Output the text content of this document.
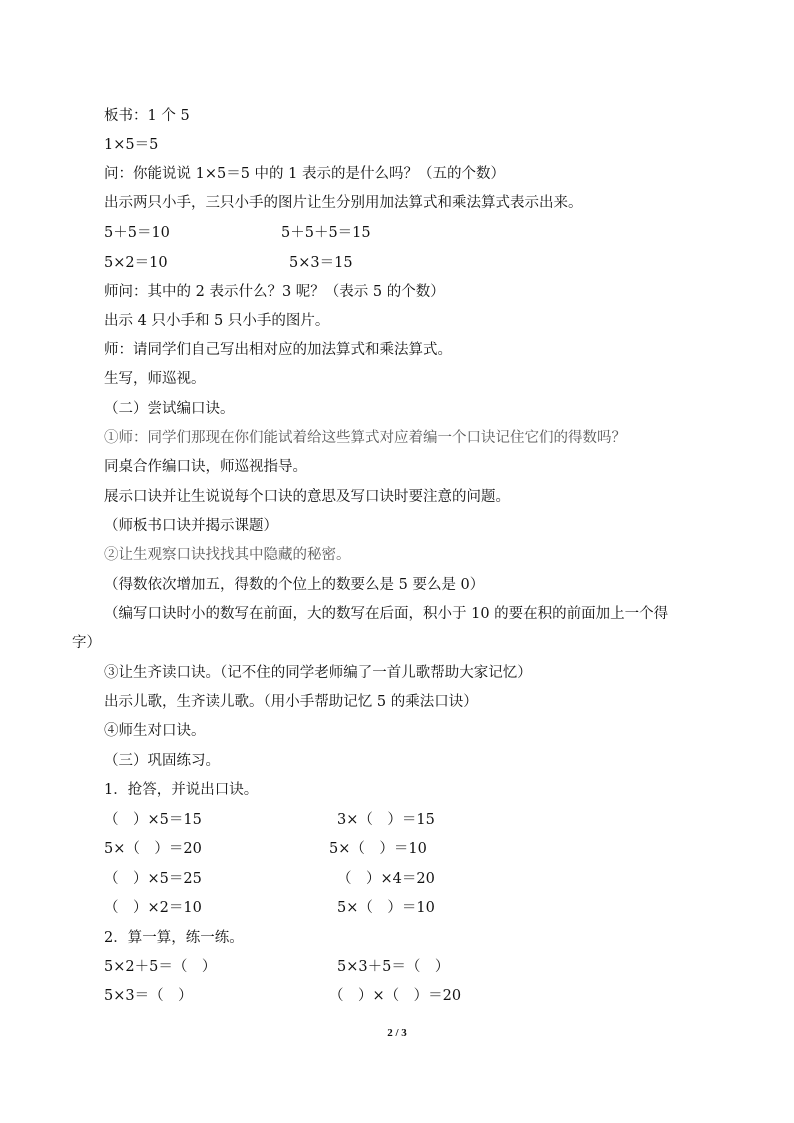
板书：1 个 5
1×5＝5
问：你能说说 1×5＝5 中的 1 表示的是什么吗？（五的个数）
出示两只小手，三只小手的图片让生分别用加法算式和乘法算式表示出来。
5＋5＝10	5＋5＋5＝15
5×2＝10	5×3＝15
师问：其中的 2 表示什么？3 呢？（表示 5 的个数）
出示 4 只小手和 5 只小手的图片。
师：请同学们自己写出相对应的加法算式和乘法算式。
生写，师巡视。
（二）尝试编口诀。
①师：同学们那现在你们能试着给这些算式对应着编一个口诀记住它们的得数吗？
同桌合作编口诀，师巡视指导。
展示口诀并让生说说每个口诀的意思及写口诀时要注意的问题。
（师板书口诀并揭示课题）
②让生观察口诀找找其中隐藏的秘密。
（得数依次增加五，得数的个位上的数要么是 5 要么是 0）
（编写口诀时小的数写在前面，大的数写在后面，积小于 10 的要在积的前面加上一个得
字）
③让生齐读口诀。（记不住的同学老师编了一首儿歌帮助大家记忆）
出示儿歌，生齐读儿歌。（用小手帮助记忆 5 的乘法口诀）
④师生对口诀。
（三）巩固练习。
1．抢答，并说出口诀。
（　）×5＝15	3×（　）＝15
5×（　）＝20	5×（　）＝10
（　）×5＝25	（　）×4＝20
（　）×2＝10	5×（　）＝10
2．算一算，练一练。
5×2＋5＝（　）	5×3＋5＝（　）
5×3＝（　）	（　）×（　）＝20
2 / 3
